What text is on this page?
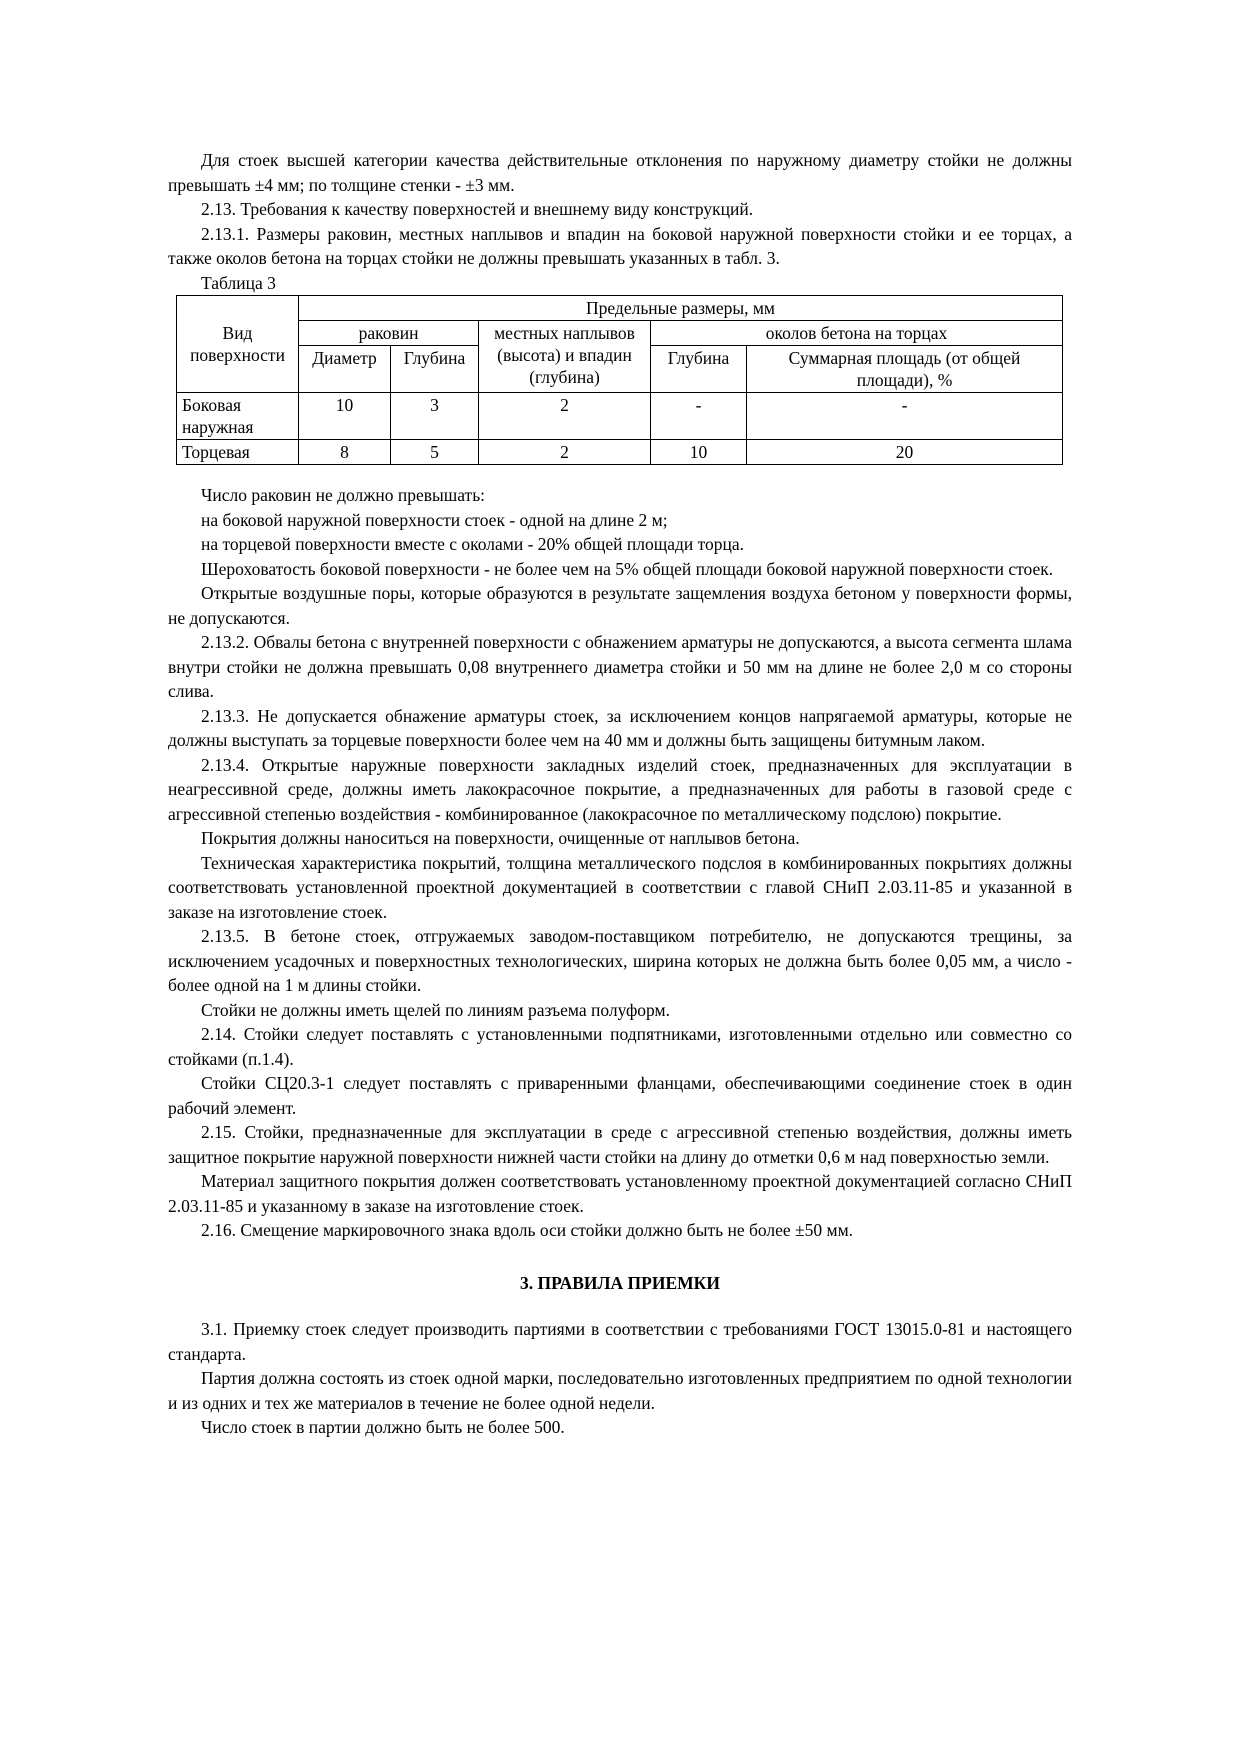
Для стоек высшей категории качества действительные отклонения по наружному диаметру стойки не должны превышать ±4 мм; по толщине стенки - ±3 мм.

2.13. Требования к качеству поверхностей и внешнему виду конструкций.

2.13.1. Размеры раковин, местных наплывов и впадин на боковой наружной поверхности стойки и ее торцах, а также околов бетона на торцах стойки не должны превышать указанных в табл. 3.

Таблица 3

Вид поверхности	Предельные размеры, мм				
	раковин		местных наплывов (высота) и впадин (глубина)	околов бетона на торцах	
	Диаметр	Глубина		Глубина	Суммарная площадь (от общей площади), %
Боковая наружная	10	3	2	-	-
Торцевая	8	5	2	10	20

Число раковин не должно превышать:

на боковой наружной поверхности стоек - одной на длине 2 м;

на торцевой поверхности вместе с околами - 20% общей площади торца.

Шероховатость боковой поверхности - не более чем на 5% общей площади боковой наружной поверхности стоек.

Открытые воздушные поры, которые образуются в результате защемления воздуха бетоном у поверхности формы, не допускаются.

2.13.2. Обвалы бетона с внутренней поверхности с обнажением арматуры не допускаются, а высота сегмента шлама внутри стойки не должна превышать 0,08 внутреннего диаметра стойки и 50 мм на длине не более 2,0 м со стороны слива.

2.13.3. Не допускается обнажение арматуры стоек, за исключением концов напрягаемой арматуры, которые не должны выступать за торцевые поверхности более чем на 40 мм и должны быть защищены битумным лаком.

2.13.4. Открытые наружные поверхности закладных изделий стоек, предназначенных для эксплуатации в неагрессивной среде, должны иметь лакокрасочное покрытие, а предназначенных для работы в газовой среде с агрессивной степенью воздействия - комбинированное (лакокрасочное по металлическому подслою) покрытие.

Покрытия должны наноситься на поверхности, очищенные от наплывов бетона.

Техническая характеристика покрытий, толщина металлического подслоя в комбинированных покрытиях должны соответствовать установленной проектной документацией в соответствии с главой СНиП 2.03.11-85 и указанной в заказе на изготовление стоек.

2.13.5. В бетоне стоек, отгружаемых заводом-поставщиком потребителю, не допускаются трещины, за исключением усадочных и поверхностных технологических, ширина которых не должна быть более 0,05 мм, а число - более одной на 1 м длины стойки.

Стойки не должны иметь щелей по линиям разъема полуформ.

2.14. Стойки следует поставлять с установленными подпятниками, изготовленными отдельно или совместно со стойками (п.1.4).

Стойки СЦ20.3-1 следует поставлять с приваренными фланцами, обеспечивающими соединение стоек в один рабочий элемент.

2.15. Стойки, предназначенные для эксплуатации в среде с агрессивной степенью воздействия, должны иметь защитное покрытие наружной поверхности нижней части стойки на длину до отметки 0,6 м над поверхностью земли.

Материал защитного покрытия должен соответствовать установленному проектной документацией согласно СНиП 2.03.11-85 и указанному в заказе на изготовление стоек.

2.16. Смещение маркировочного знака вдоль оси стойки должно быть не более ±50 мм.

3. ПРАВИЛА ПРИЕМКИ

3.1. Приемку стоек следует производить партиями в соответствии с требованиями ГОСТ 13015.0-81 и настоящего стандарта.

Партия должна состоять из стоек одной марки, последовательно изготовленных предприятием по одной технологии и из одних и тех же материалов в течение не более одной недели.

Число стоек в партии должно быть не более 500.
